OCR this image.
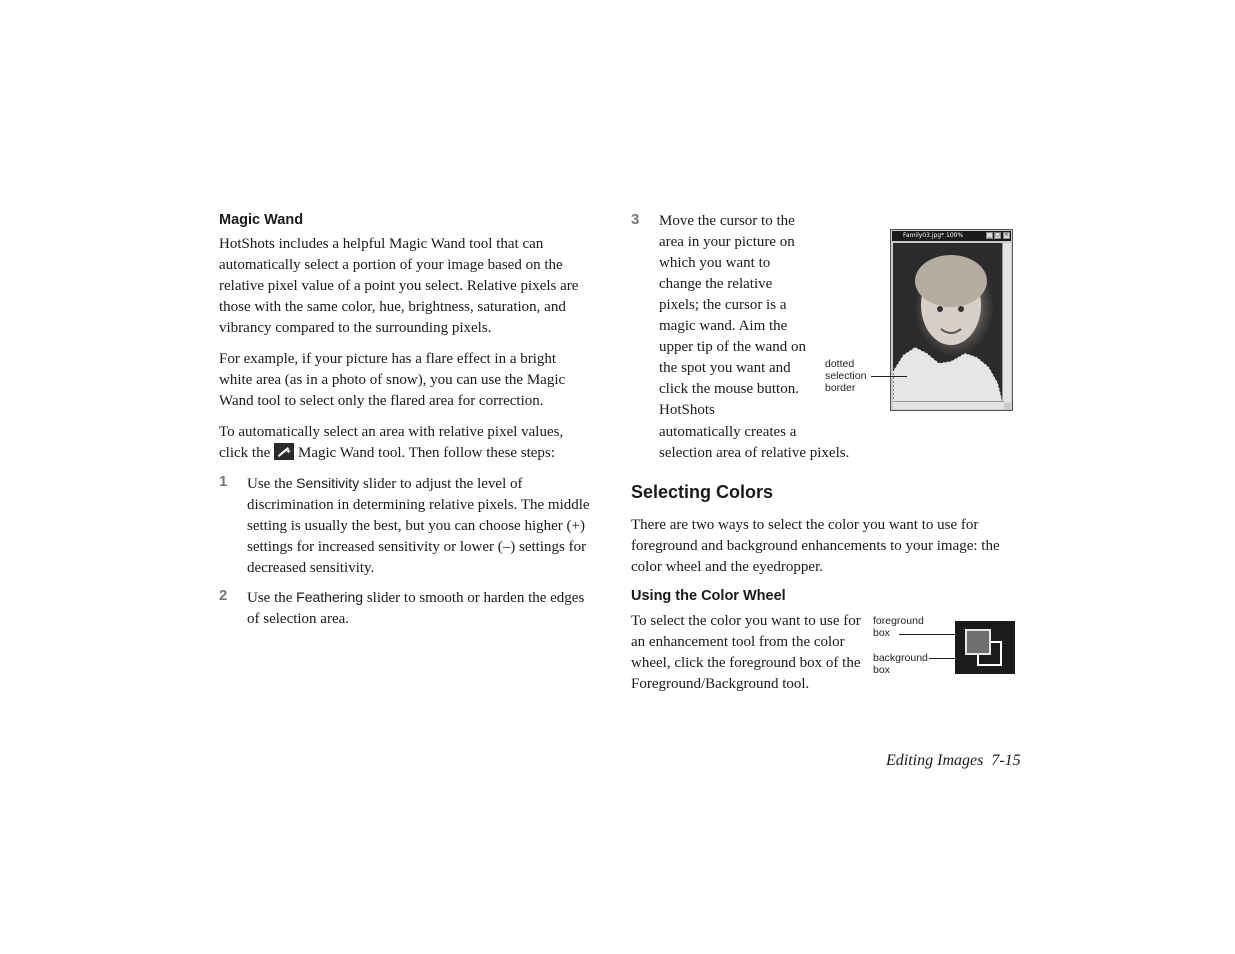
Magic Wand

HotShots includes a helpful Magic Wand tool that can automatically select a portion of your image based on the relative pixel value of a point you select. Relative pixels are those with the same color, hue, brightness, saturation, and vibrancy compared to the surrounding pixels.

For example, if your picture has a flare effect in a bright white area (as in a photo of snow), you can use the Magic Wand tool to select only the flared area for correction.

To automatically select an area with relative pixel values, click the ✶ Magic Wand tool. Then follow these steps:

1 Use the Sensitivity slider to adjust the level of discrimination in determining relative pixels. The middle setting is usually the best, but you can choose higher (+) settings for increased sensitivity or lower (–) settings for decreased sensitivity.

2 Use the Feathering slider to smooth or harden the edges of selection area.

3 Move the cursor to the area in your picture on which you want to change the relative pixels; the cursor is a magic wand. Aim the upper tip of the wand on the spot you want and click the mouse button. HotShots

automatically creates a

selection area of relative pixels.

Family03.jpg* 100%	_ □ ×
dotted selection border
Selecting Colors

There are two ways to select the color you want to use for foreground and background enhancements to your image: the color wheel and the eyedropper.

Using the Color Wheel

To select the color you want to use for an enhancement tool from the color wheel, click the foreground box of the Foreground/Background tool.

foreground box
background box
Editing Images 7-15
